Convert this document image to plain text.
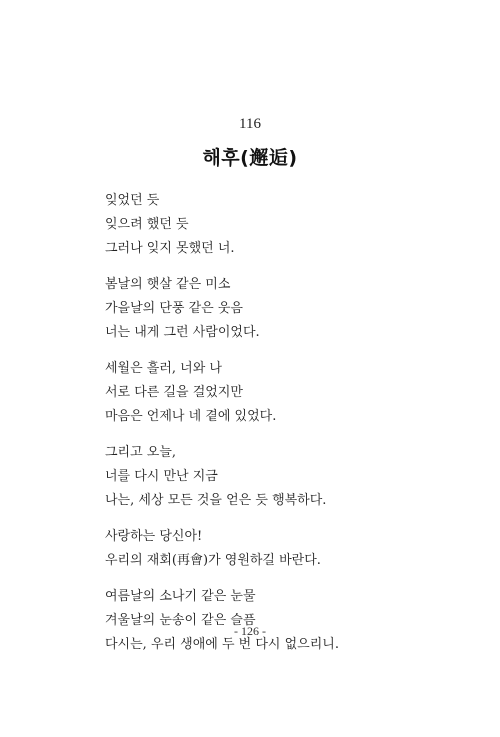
116
해후(邂逅)
잊었던 듯
잊으려 했던 듯
그러나 잊지 못했던 너.
봄날의 햇살 같은 미소
가을날의 단풍 같은 웃음
너는 내게 그런 사람이었다.
세월은 흘러, 너와 나
서로 다른 길을 걸었지만
마음은 언제나 네 곁에 있었다.
그리고 오늘,
너를 다시 만난 지금
나는, 세상 모든 것을 얻은 듯 행복하다.
사랑하는 당신아!
우리의 재회(再會)가 영원하길 바란다.
여름날의 소나기 같은 눈물
겨울날의 눈송이 같은 슬픔
다시는, 우리 생애에 두 번 다시 없으리니.
- 126 -
